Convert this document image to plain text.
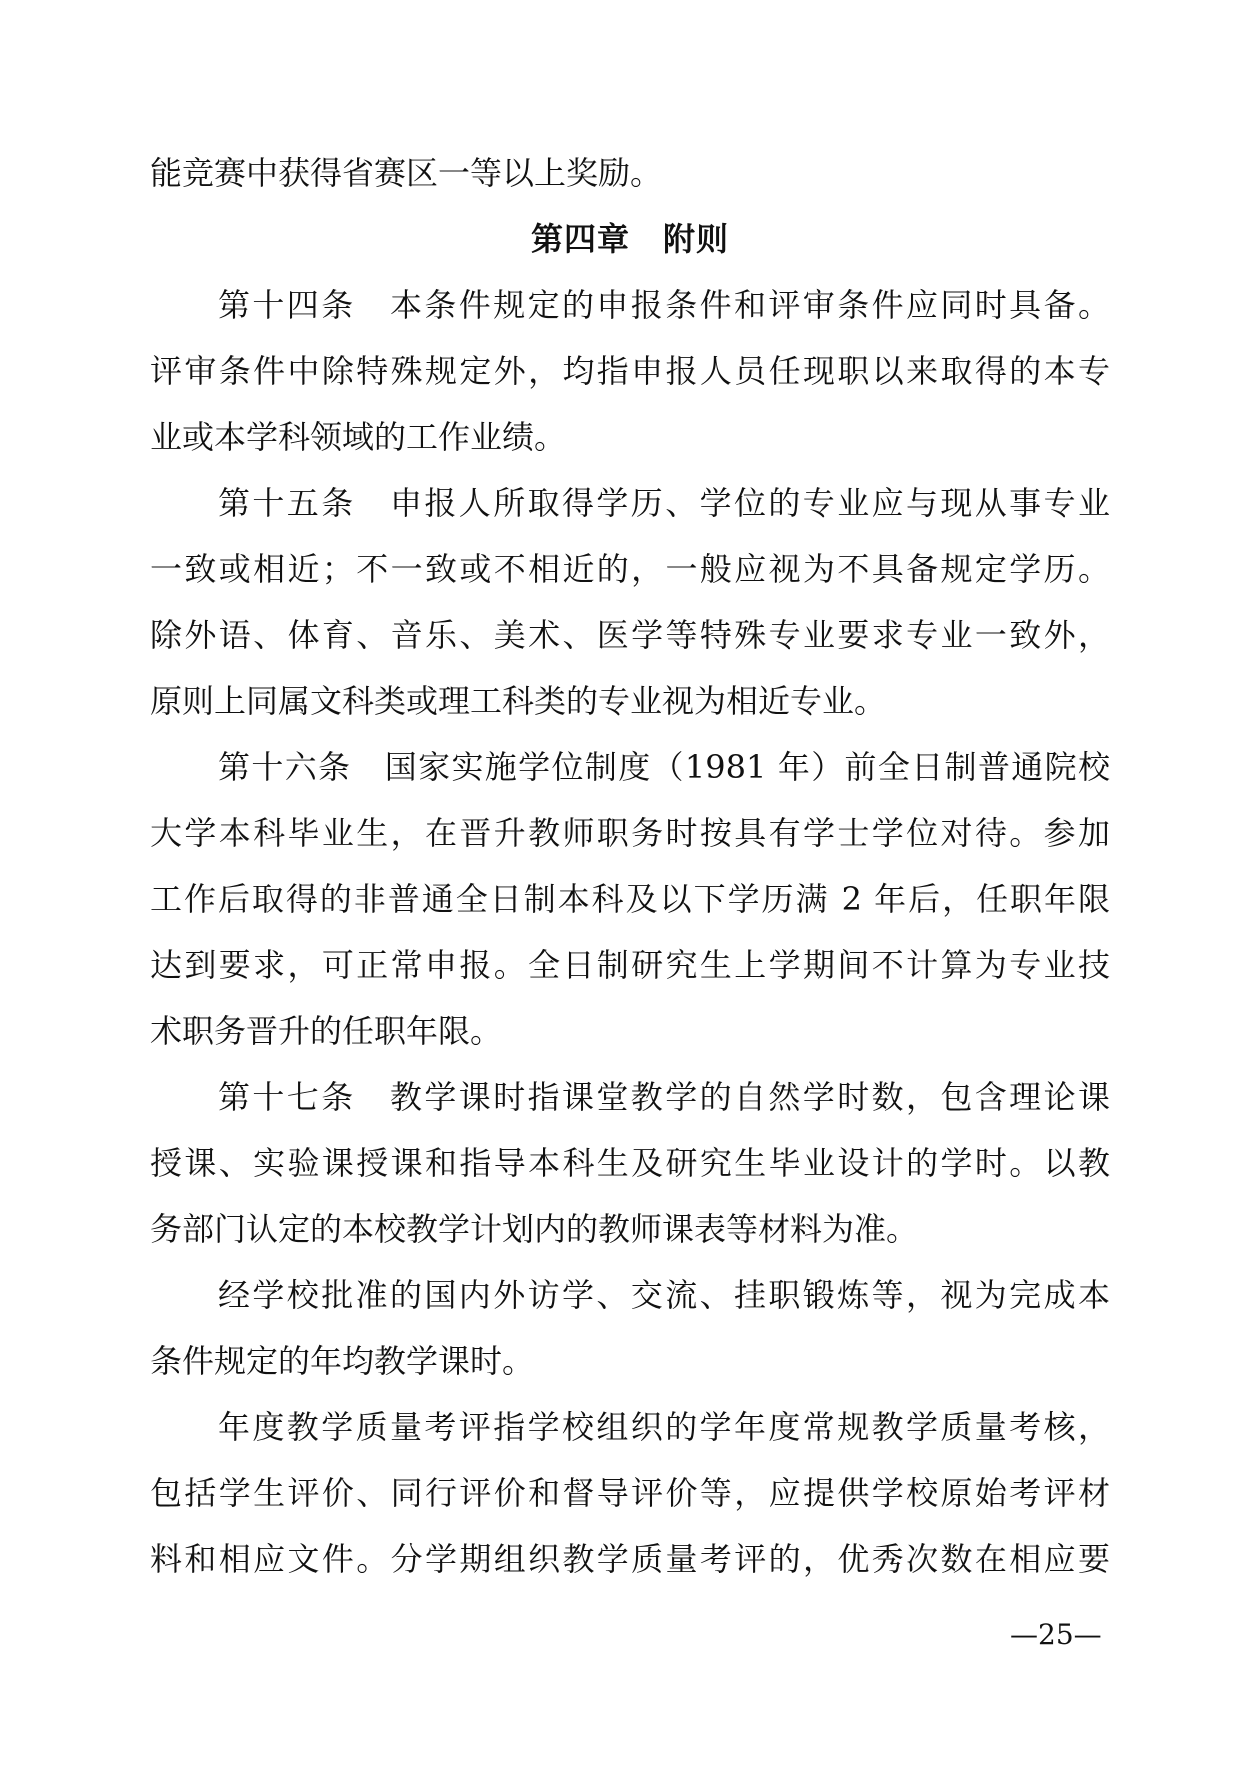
能竞赛中获得省赛区一等以上奖励。
第四章　附则
第十四条　本条件规定的申报条件和评审条件应同时具备。
评审条件中除特殊规定外，均指申报人员任现职以来取得的本专
业或本学科领域的工作业绩。
第十五条　申报人所取得学历、学位的专业应与现从事专业
一致或相近；不一致或不相近的，一般应视为不具备规定学历。
除外语、体育、音乐、美术、医学等特殊专业要求专业一致外，
原则上同属文科类或理工科类的专业视为相近专业。
第十六条　国家实施学位制度（1981 年）前全日制普通院校
大学本科毕业生，在晋升教师职务时按具有学士学位对待。参加
工作后取得的非普通全日制本科及以下学历满 2 年后，任职年限
达到要求，可正常申报。全日制研究生上学期间不计算为专业技
术职务晋升的任职年限。
第十七条　教学课时指课堂教学的自然学时数，包含理论课
授课、实验课授课和指导本科生及研究生毕业设计的学时。以教
务部门认定的本校教学计划内的教师课表等材料为准。
经学校批准的国内外访学、交流、挂职锻炼等，视为完成本
条件规定的年均教学课时。
年度教学质量考评指学校组织的学年度常规教学质量考核，
包括学生评价、同行评价和督导评价等，应提供学校原始考评材
料和相应文件。分学期组织教学质量考评的，优秀次数在相应要
—25—
